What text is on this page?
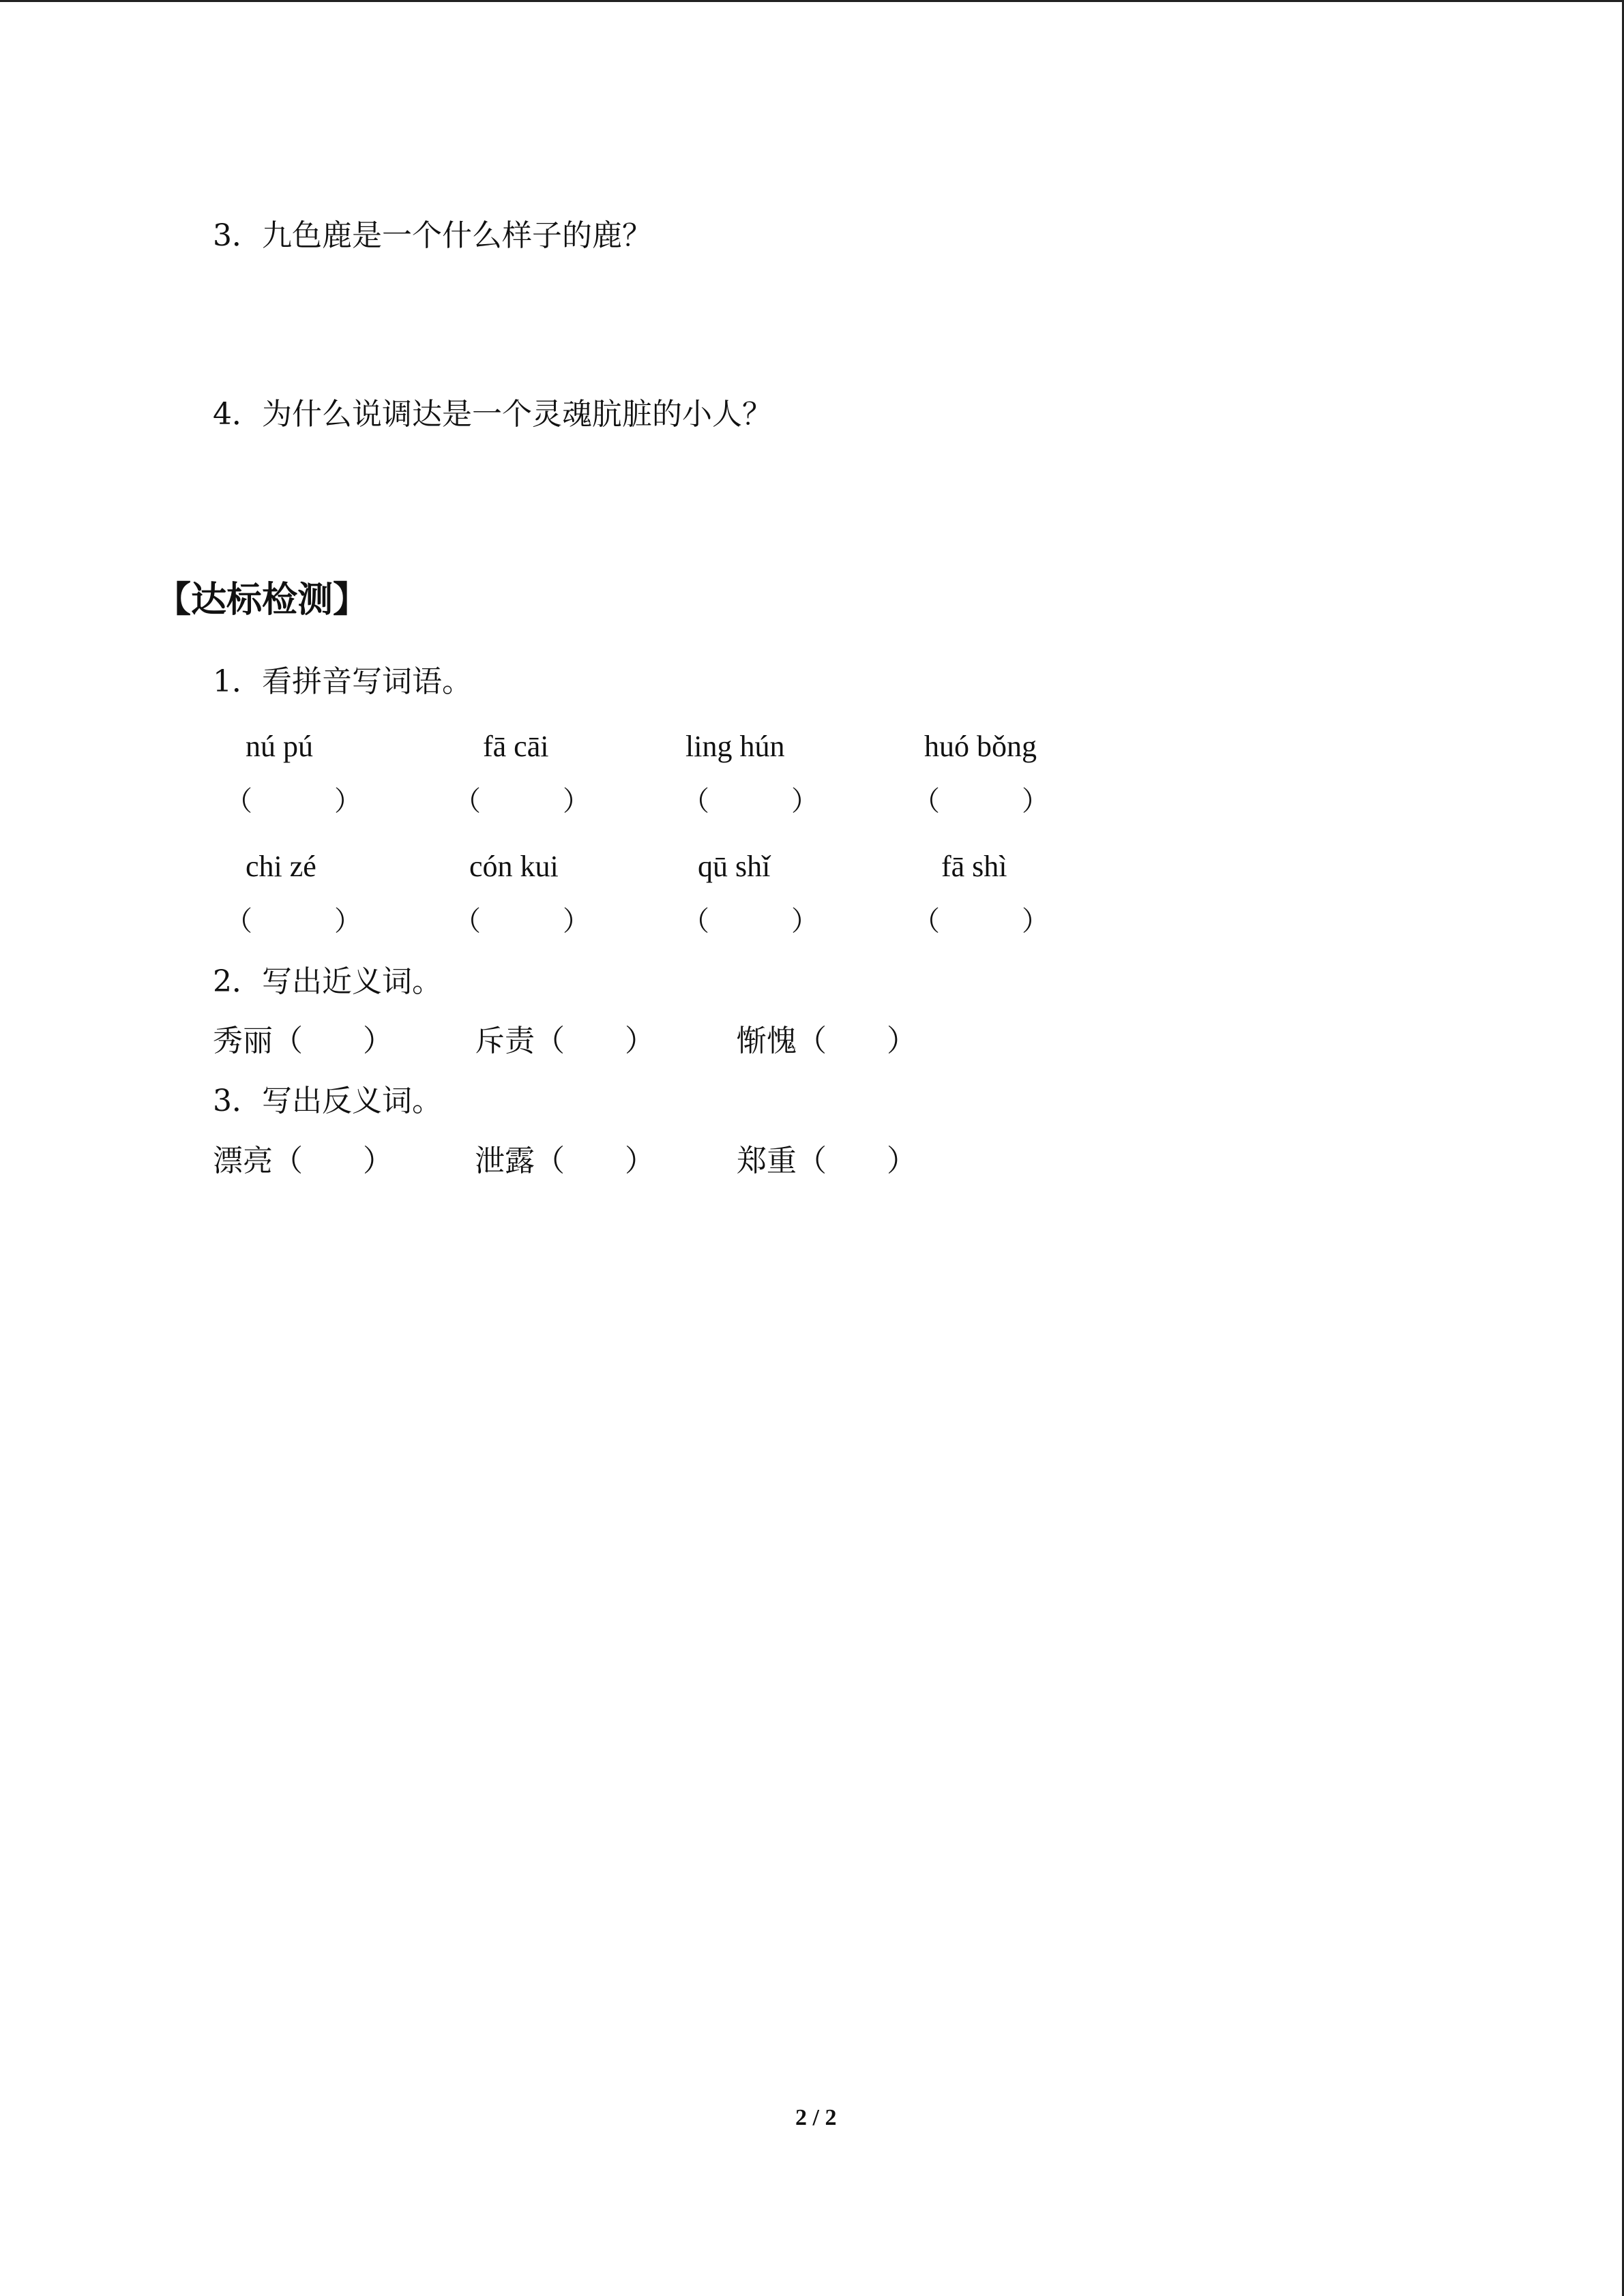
3．九色鹿是一个什么样子的鹿？
4．为什么说调达是一个灵魂肮脏的小人？
【达标检测】
1．看拼音写词语。
nú pú	fā cāi	ling hún	huó bǒng
（　　　）	（　　　）	（　　　）	（　　　）
chi zé	cón kui	qū shǐ	fā shì
（　　　）	（　　　）	（　　　）	（　　　）
2．写出近义词。
秀丽（　　）	斥责（　　）	惭愧（　　）
3．写出反义词。
漂亮（　　）	泄露（　　）	郑重（　　）
2 / 2
